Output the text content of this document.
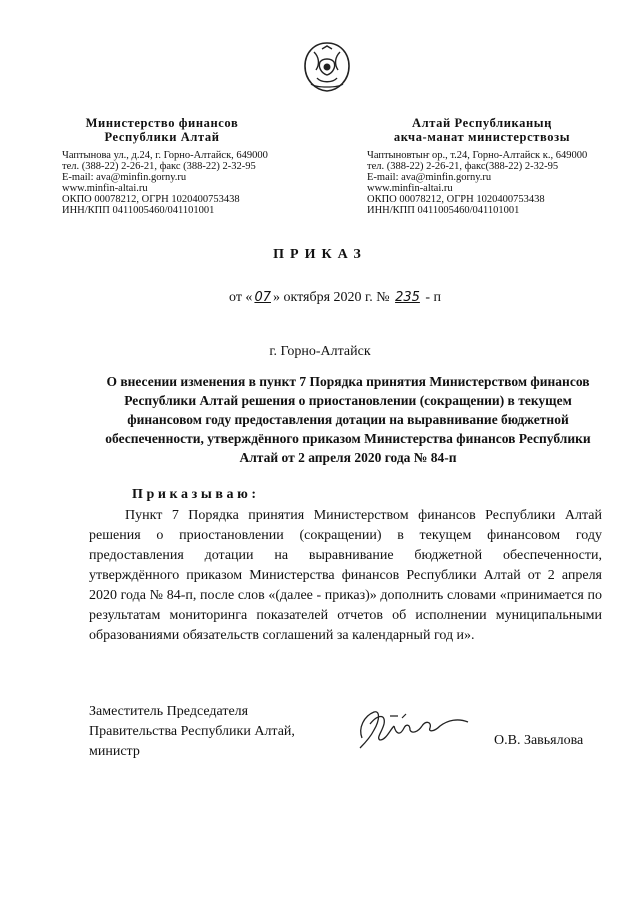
Министерство финансов
Республики Алтай
Чаптынова ул., д.24, г. Горно-Алтайск, 649000
тел. (388-22) 2-26-21, факс (388-22) 2-32-95
E-mail: ava@minfin.gorny.ru
www.minfin-altai.ru
ОКПО 00078212, ОГРН 1020400753438
ИНН/КПП 0411005460/041101001
Алтай Республиканың
акча-манат министерствозы
Чаптыновтыҥ ор., т.24, Горно-Алтайск к., 649000
тел. (388-22) 2-26-21, факс(388-22) 2-32-95
E-mail: ava@minfin.gorny.ru
www.minfin-altai.ru
ОКПО 00078212, ОГРН 1020400753438
ИНН/КПП 0411005460/041101001
ПРИКАЗ
от « 07 » октября 2020 г. № 235 - п
г. Горно-Алтайск
О внесении изменения в пункт 7 Порядка принятия Министерством финансов Республики Алтай решения о приостановлении (сокращении) в текущем финансовом году предоставления дотации на выравнивание бюджетной обеспеченности, утверждённого приказом Министерства финансов Республики Алтай от 2 апреля 2020 года № 84-п
Приказываю:
Пункт 7 Порядка принятия Министерством финансов Республики Алтай решения о приостановлении (сокращении) в текущем финансовом году предоставления дотации на выравнивание бюджетной обеспеченности, утверждённого приказом Министерства финансов Республики Алтай от 2 апреля 2020 года № 84-п, после слов «(далее - приказ)» дополнить словами «принимается по результатам мониторинга показателей отчетов об исполнении муниципальными образованиями обязательств соглашений за календарный год и».
Заместитель Председателя
Правительства Республики Алтай,
министр
О.В. Завьялова
